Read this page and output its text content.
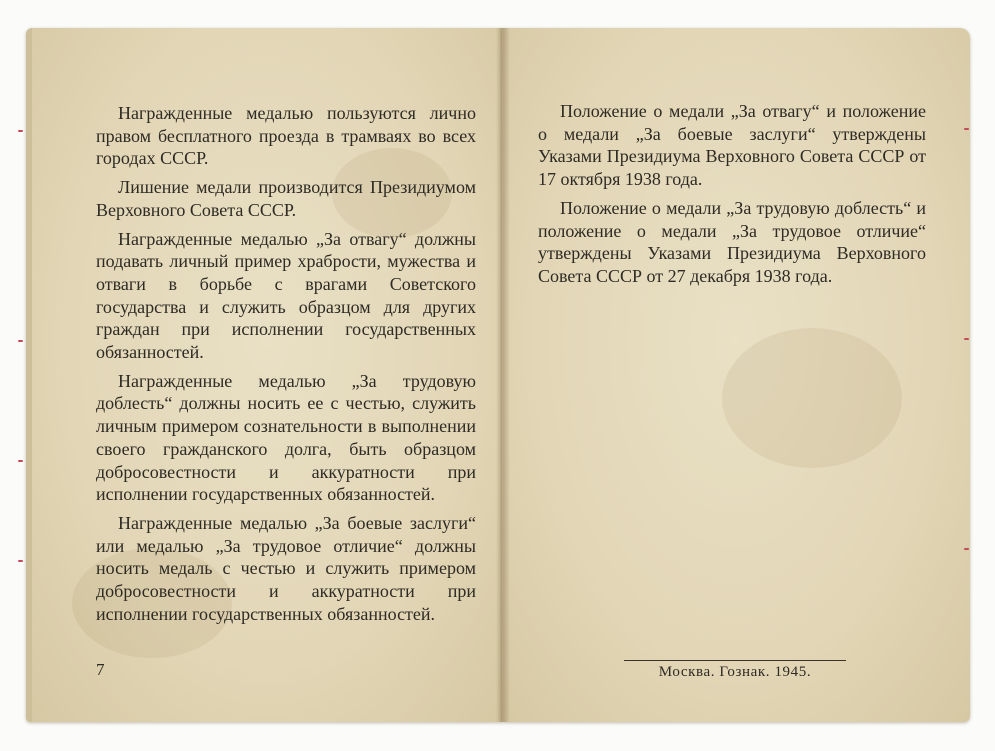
Награжденные медалью пользуются лично правом бесплатного проезда в трамваях во всех городах СССР.

Лишение медали производится Президиумом Верховного Совета СССР.

Награжденные медалью „За отвагу“ должны подавать личный пример храбрости, мужества и отваги в борьбе с врагами Советского государства и служить образцом для других граждан при исполнении государственных обязанностей.

Награжденные медалью „За трудовую доблесть“ должны носить ее с честью, служить личным примером сознательности в выполнении своего гражданского долга, быть образцом добросовестности и аккуратности при исполнении государственных обязанностей.

Награжденные медалью „За боевые заслуги“ или медалью „За трудовое отличие“ должны носить медаль с честью и служить примером добросовестности и аккуратности при исполнении государственных обязанностей.

7

Положение о медали „За отвагу“ и положение о медали „За боевые заслуги“ утверждены Указами Президиума Верховного Совета СССР от 17 октября 1938 года.

Положение о медали „За трудовую доблесть“ и положение о медали „За трудовое отличие“ утверждены Указами Президиума Верховного Совета СССР от 27 декабря 1938 года.

Москва. Гознак. 1945.
